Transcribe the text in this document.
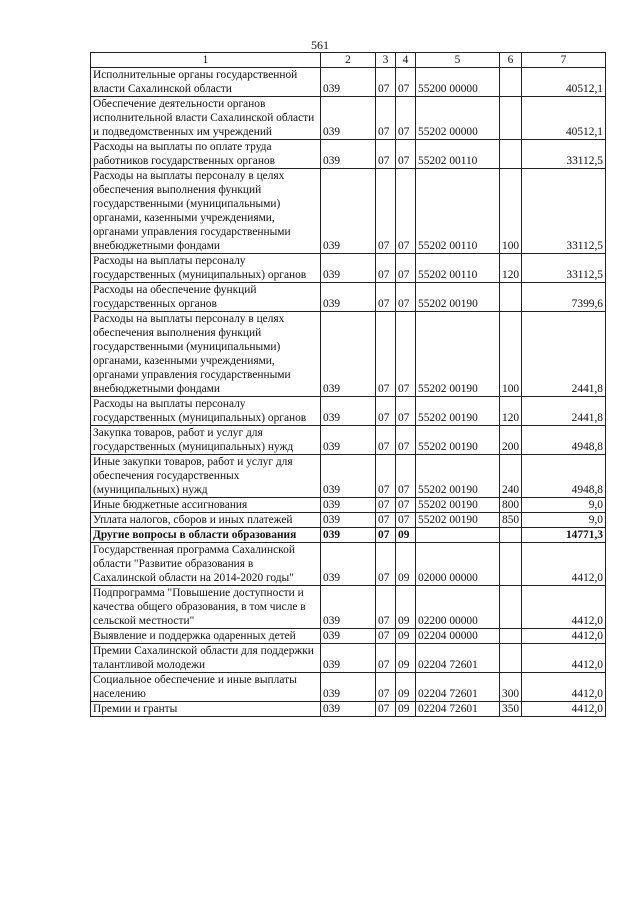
561
1	2	3	4	5	6	7
Исполнительные органы государственной власти Сахалинской области	039	07	07	55200 00000		40512,1
Обеспечение деятельности органов исполнительной власти Сахалинской области и подведомственных им учреждений	039	07	07	55202 00000		40512,1
Расходы на выплаты по оплате труда работников государственных органов	039	07	07	55202 00110		33112,5
Расходы на выплаты персоналу в целях обеспечения выполнения функций государственными (муниципальными) органами, казенными учреждениями, органами управления государственными внебюджетными фондами	039	07	07	55202 00110	100	33112,5
Расходы на выплаты персоналу государственных (муниципальных) органов	039	07	07	55202 00110	120	33112,5
Расходы на обеспечение функций государственных органов	039	07	07	55202 00190		7399,6
Расходы на выплаты персоналу в целях обеспечения выполнения функций государственными (муниципальными) органами, казенными учреждениями, органами управления государственными внебюджетными фондами	039	07	07	55202 00190	100	2441,8
Расходы на выплаты персоналу государственных (муниципальных) органов	039	07	07	55202 00190	120	2441,8
Закупка товаров, работ и услуг для государственных (муниципальных) нужд	039	07	07	55202 00190	200	4948,8
Иные закупки товаров, работ и услуг для обеспечения государственных (муниципальных) нужд	039	07	07	55202 00190	240	4948,8
Иные бюджетные ассигнования	039	07	07	55202 00190	800	9,0
Уплата налогов, сборов и иных платежей	039	07	07	55202 00190	850	9,0
Другие вопросы в области образования	039	07	09			14771,3
Государственная программа Сахалинской области "Развитие образования в Сахалинской области на 2014-2020 годы"	039	07	09	02000 00000		4412,0
Подпрограмма "Повышение доступности и качества общего образования, в том числе в сельской местности"	039	07	09	02200 00000		4412,0
Выявление и поддержка одаренных детей	039	07	09	02204 00000		4412,0
Премии Сахалинской области для поддержки талантливой молодежи	039	07	09	02204 72601		4412,0
Социальное обеспечение и иные выплаты населению	039	07	09	02204 72601	300	4412,0
Премии и гранты	039	07	09	02204 72601	350	4412,0
